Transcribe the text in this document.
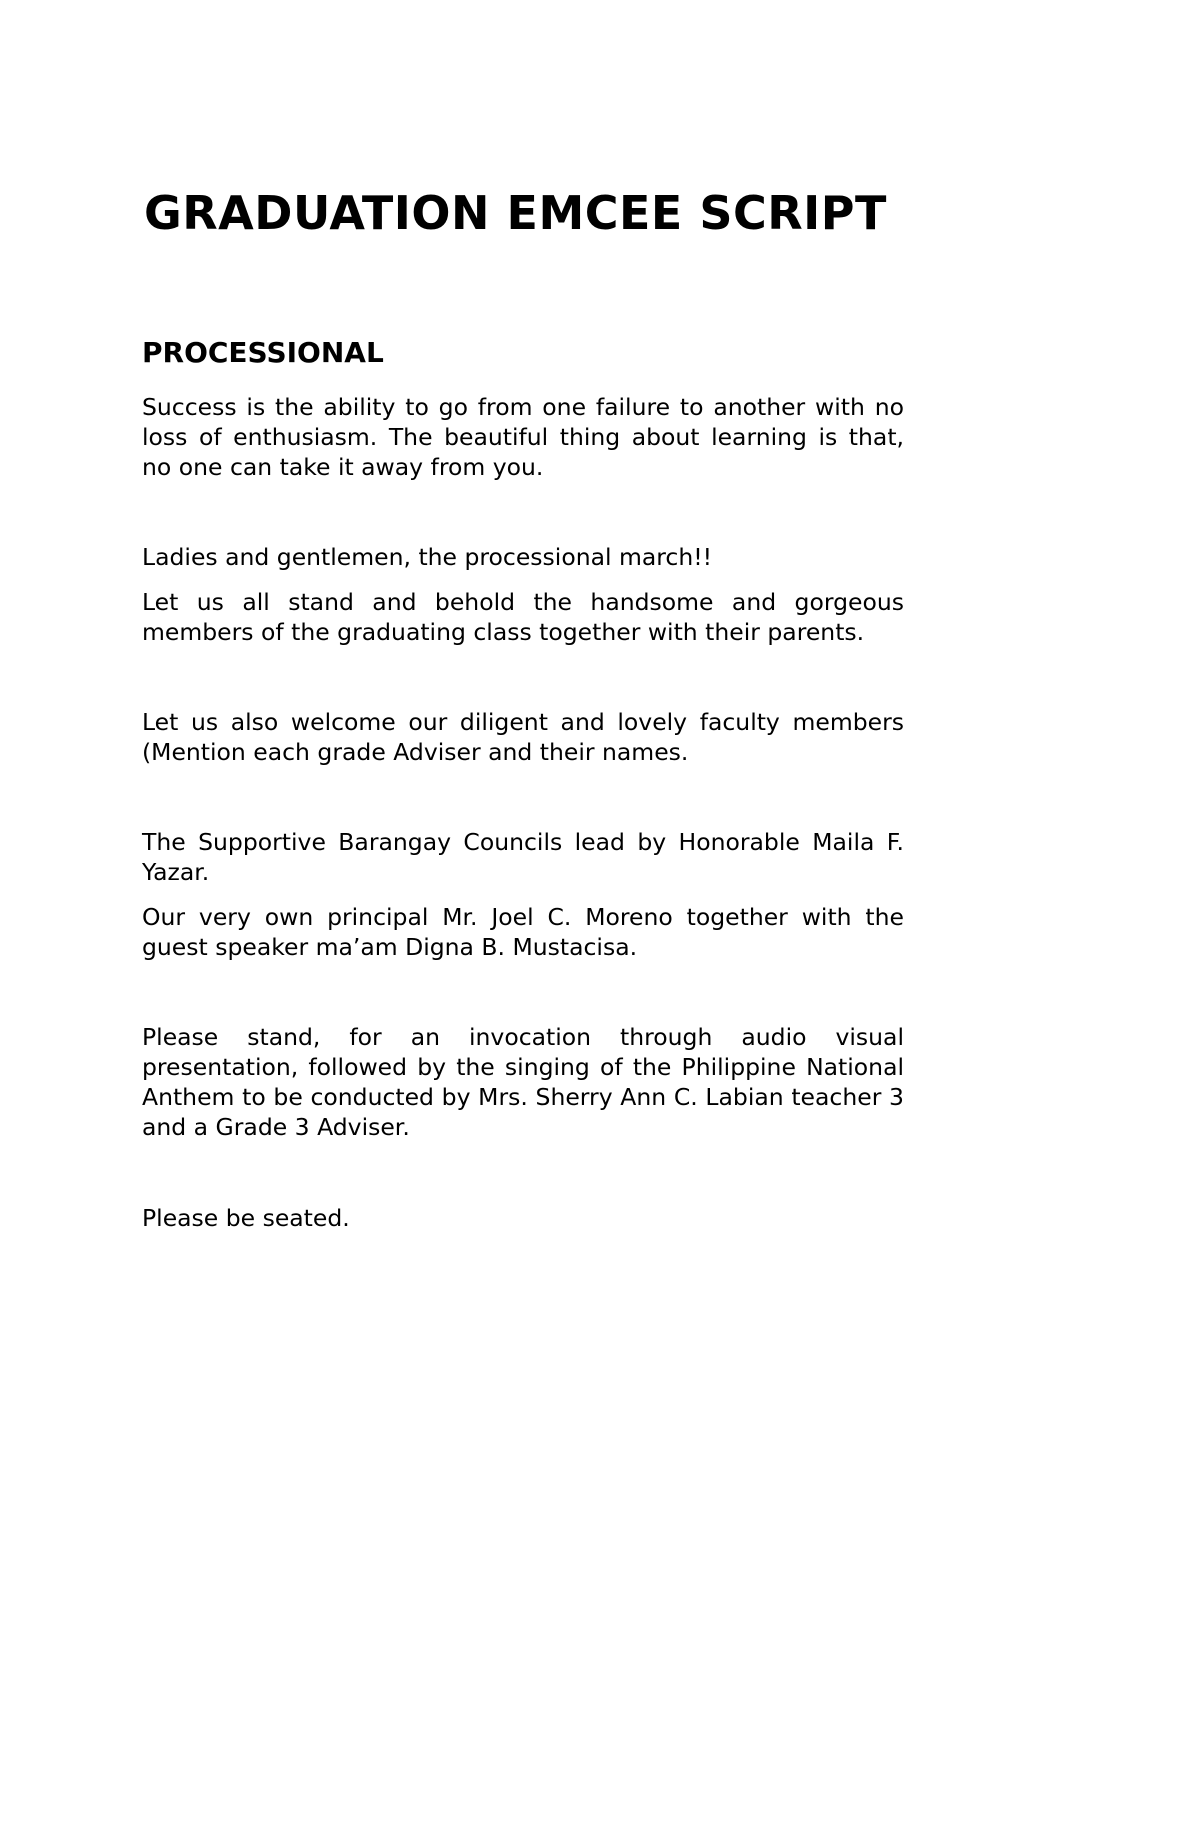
GRADUATION EMCEE SCRIPT
PROCESSIONAL

Success is the ability to go from one failure to another with no loss of enthusiasm. The beautiful thing about learning is that, no one can take it away from you.

Ladies and gentlemen, the processional march!!

Let us all stand and behold the handsome and gorgeous members of the graduating class together with their parents.

Let us also welcome our diligent and lovely faculty members (Mention each grade Adviser and their names.

The Supportive Barangay Councils lead by Honorable Maila F. Yazar.

Our very own principal Mr. Joel C. Moreno together with the guest speaker ma’am Digna B. Mustacisa.

Please stand, for an invocation through audio visual presentation, followed by the singing of the Philippine National Anthem to be conducted by Mrs. Sherry Ann C. Labian teacher 3 and a Grade 3 Adviser.

Please be seated.
